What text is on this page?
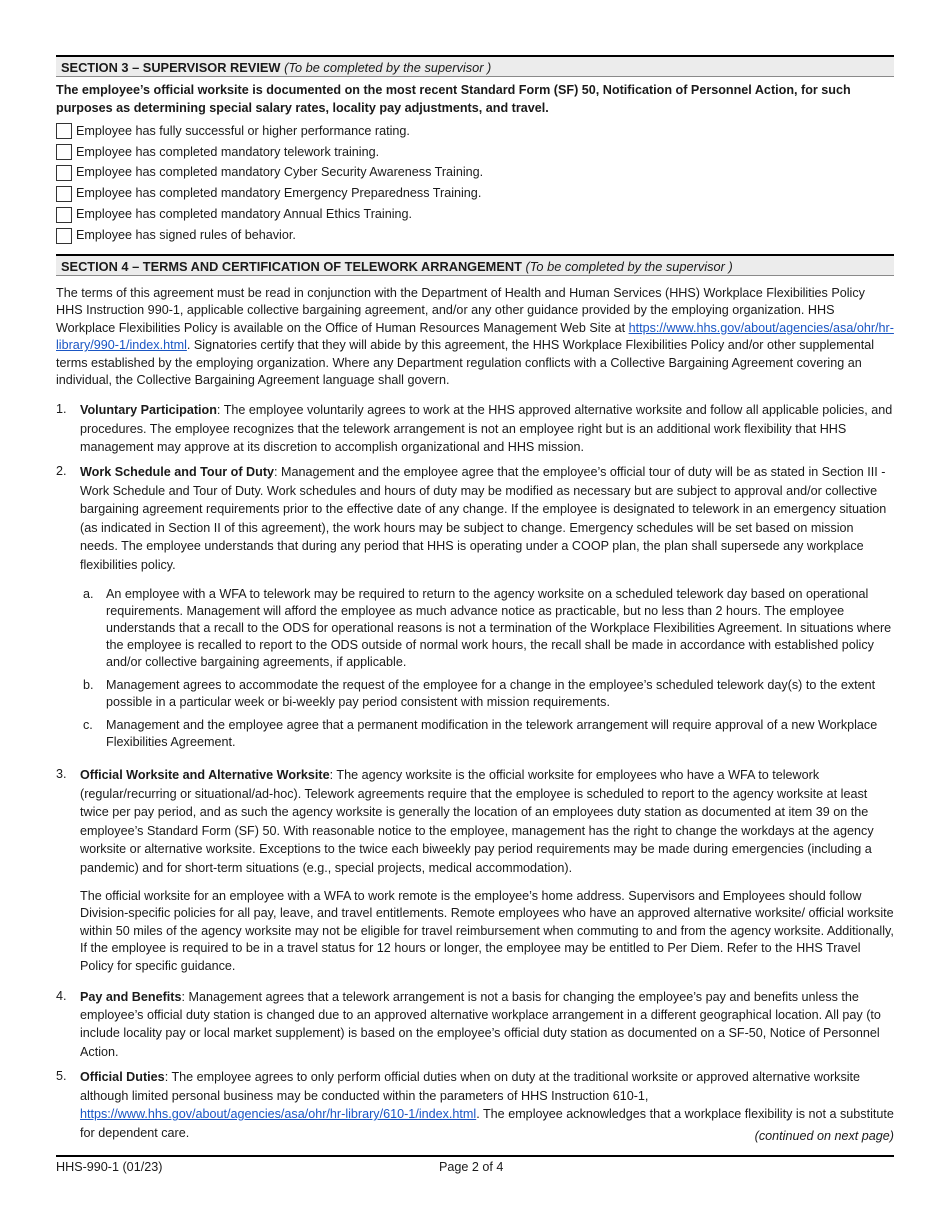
SECTION 3 – SUPERVISOR REVIEW (To be completed by the supervisor )
The employee’s official worksite is documented on the most recent Standard Form (SF) 50, Notification of Personnel Action, for such purposes as determining special salary rates, locality pay adjustments, and travel.
Employee has fully successful or higher performance rating.
Employee has completed mandatory telework training.
Employee has completed mandatory Cyber Security Awareness Training.
Employee has completed mandatory Emergency Preparedness Training.
Employee has completed mandatory Annual Ethics Training.
Employee has signed rules of behavior.
SECTION 4 – TERMS AND CERTIFICATION OF TELEWORK ARRANGEMENT (To be completed by the supervisor )
The terms of this agreement must be read in conjunction with the Department of Health and Human Services (HHS) Workplace Flexibilities Policy HHS Instruction 990-1, applicable collective bargaining agreement, and/or any other guidance provided by the employing organization. HHS Workplace Flexibilities Policy is available on the Office of Human Resources Management Web Site at https://www.hhs.gov/about/agencies/asa/ohr/hr-library/990-1/index.html. Signatories certify that they will abide by this agreement, the HHS Workplace Flexibilities Policy and/or other supplemental terms established by the employing organization. Where any Department regulation conflicts with a Collective Bargaining Agreement covering an individual, the Collective Bargaining Agreement language shall govern.
1.	Voluntary Participation: The employee voluntarily agrees to work at the HHS approved alternative worksite and follow all applicable policies, and procedures. The employee recognizes that the telework arrangement is not an employee right but is an additional work flexibility that HHS management may approve at its discretion to accomplish organizational and HHS mission.
2.	Work Schedule and Tour of Duty: Management and the employee agree that the employee’s official tour of duty will be as stated in Section III - Work Schedule and Tour of Duty. Work schedules and hours of duty may be modified as necessary but are subject to approval and/or collective bargaining agreement requirements prior to the effective date of any change. If the employee is designated to telework in an emergency situation (as indicated in Section II of this agreement), the work hours may be subject to change. Emergency schedules will be set based on mission needs. The employee understands that during any period that HHS is operating under a COOP plan, the plan shall supersede any workplace flexibilities policy.
a. An employee with a WFA to telework may be required to return to the agency worksite on a scheduled telework day based on operational requirements. Management will afford the employee as much advance notice as practicable, but no less than 2 hours. The employee understands that a recall to the ODS for operational reasons is not a termination of the Workplace Flexibilities Agreement. In situations where the employee is recalled to report to the ODS outside of normal work hours, the recall shall be made in accordance with established policy and/or collective bargaining agreements, if applicable.
b. Management agrees to accommodate the request of the employee for a change in the employee’s scheduled telework day(s) to the extent possible in a particular week or bi-weekly pay period consistent with mission requirements.
c.	Management and the employee agree that a permanent modification in the telework arrangement will require approval of a new Workplace Flexibilities Agreement.
3.	Official Worksite and Alternative Worksite: The agency worksite is the official worksite for employees who have a WFA to telework (regular/recurring or situational/ad-hoc). Telework agreements require that the employee is scheduled to report to the agency worksite at least twice per pay period, and as such the agency worksite is generally the location of an employees duty station as documented at item 39 on the employee’s Standard Form (SF) 50. With reasonable notice to the employee, management has the right to change the workdays at the agency worksite or alternative worksite. Exceptions to the twice each biweekly pay period requirements may be made during emergencies (including a pandemic) and for short-term situations (e.g., special projects, medical accommodation).
The official worksite for an employee with a WFA to work remote is the employee’s home address. Supervisors and Employees should follow Division-specific policies for all pay, leave, and travel entitlements. Remote employees who have an approved alternative worksite/ official worksite within 50 miles of the agency worksite may not be eligible for travel reimbursement when commuting to and from the agency worksite. Additionally, If the employee is required to be in a travel status for 12 hours or longer, the employee may be entitled to Per Diem. Refer to the HHS Travel Policy for specific guidance.
4.	Pay and Benefits: Management agrees that a telework arrangement is not a basis for changing the employee’s pay and benefits unless the employee’s official duty station is changed due to an approved alternative workplace arrangement in a different geographical location. All pay (to include locality pay or local market supplement) is based on the employee’s official duty station as documented on a SF-50, Notice of Personnel Action.
5.	Official Duties: The employee agrees to only perform official duties when on duty at the traditional worksite or approved alternative worksite although limited personal business may be conducted within the parameters of HHS Instruction 610-1, https://www.hhs.gov/about/agencies/asa/ohr/hr-library/610-1/index.html. The employee acknowledges that a workplace flexibility is not a substitute for dependent care.	(continued on next page)
HHS-990-1 (01/23)	Page 2 of 4
